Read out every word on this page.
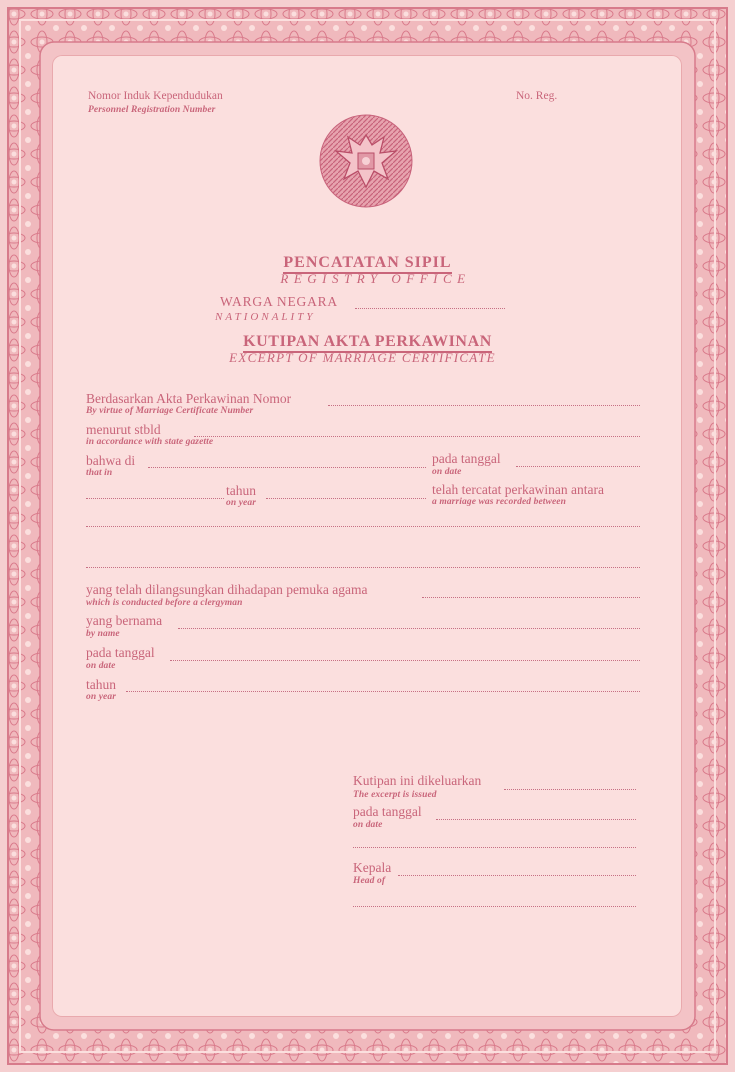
Nomor Induk Kependudukan
Personnel Registration Number
No. Reg.
PENCATATAN SIPIL
REGISTRY OFFICE
WARGA NEGARA
NATIONALITY
KUTIPAN AKTA PERKAWINAN
EXCERPT OF MARRIAGE CERTIFICATE
Berdasarkan Akta Perkawinan Nomor
By virtue of Marriage Certificate Number
menurut stbld
in accordance with state gazette
bahwa di
that in
pada tanggal
on date
tahun
on year
telah tercatat perkawinan antara
a marriage was recorded between
yang telah dilangsungkan dihadapan pemuka agama
which is conducted before a clergyman
yang bernama
by name
pada tanggal
on date
tahun
on year
Kutipan ini dikeluarkan
The excerpt is issued
pada tanggal
on date
Kepala
Head of
